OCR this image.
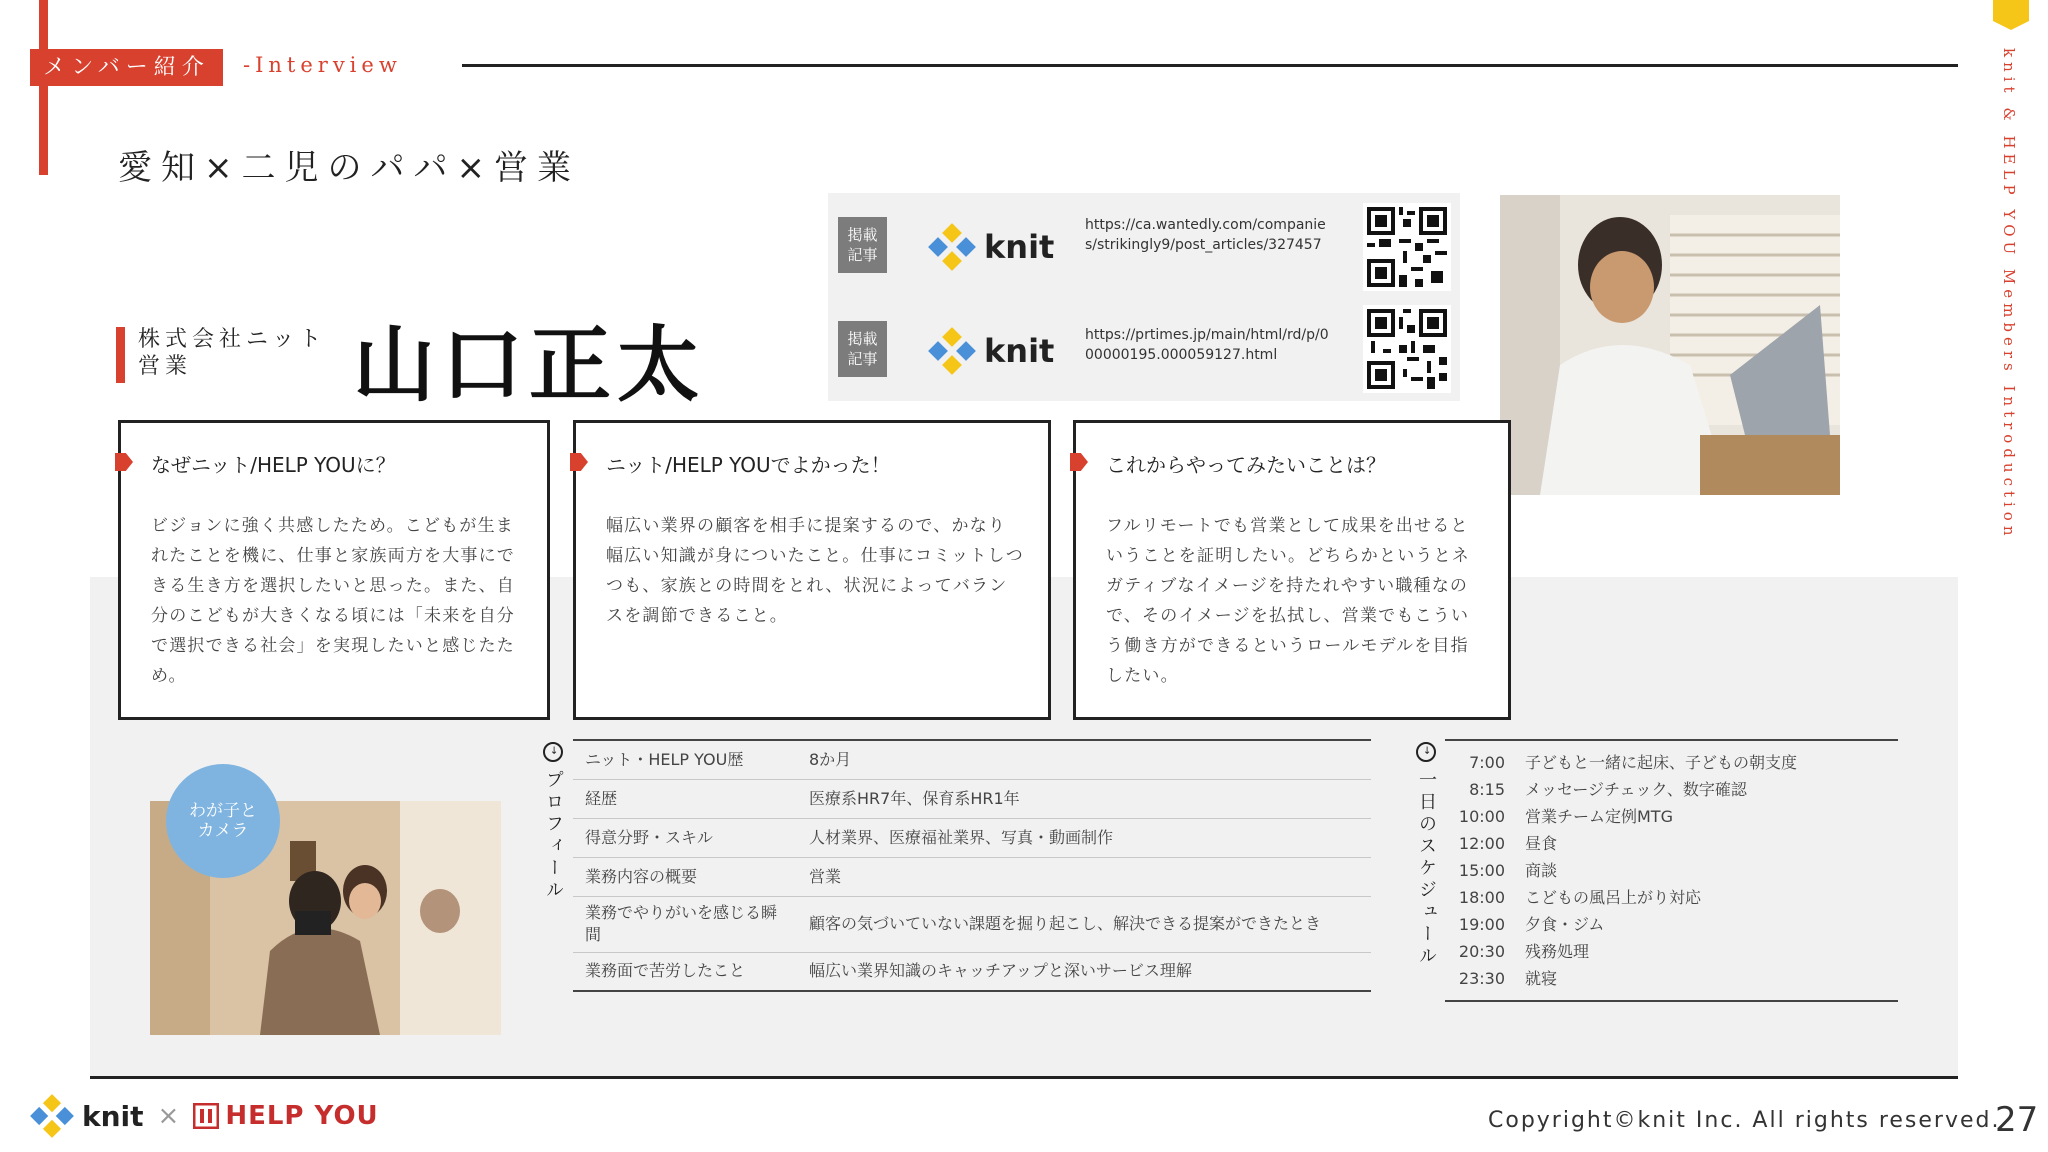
メンバー紹介	-Interview	knit & HELP YOU Members Introduction
愛知×二児のパパ×営業
株式会社ニット
営業	山口正太
掲載
記事	knit
https://ca.wantedly.com/companies/strikingly9/post_articles/327457
掲載
記事	knit https://prtimes.jp/main/html/rd/p/000000195.000059127.html
なぜニット/HELP YOUに？
ビジョンに強く共感したため。こどもが生まれたことを機に、仕事と家族両方を大事にできる生き方を選択したいと思った。また、自分のこどもが大きくなる頃には「未来を自分で選択できる社会」を実現したいと感じたため。
ニット/HELP YOUでよかった！
幅広い業界の顧客を相手に提案するので、かなり幅広い知識が身についたこと。仕事にコミットしつつも、家族との時間をとれ、状況によってバランスを調節できること。
これからやってみたいことは？
フルリモートでも営業として成果を出せるということを証明したい。どちらかというとネガティブなイメージを持たれやすい職種なので、そのイメージを払拭し、営業でもこういう働き方ができるというロールモデルを目指したい。
わが子と
カメラ
→プロフィール
ニット・HELP YOU歴	8か月
経歴	医療系HR7年、保育系HR1年
得意分野・スキル	人材業界、医療福祉業界、写真・動画制作
業務内容の概要	営業
業務でやりがいを感じる瞬間	顧客の気づいていない課題を掘り起こし、解決できる提案ができたとき
業務面で苦労したこと	幅広い業界知識のキャッチアップと深いサービス理解
→一日のスケジュール
7:00 子どもと一緒に起床、子どもの朝支度
8:15 メッセージチェック、数字確認
10:00 営業チーム定例MTG
12:00 昼食
15:00 商談
18:00 こどもの風呂上がり対応
19:00 夕食・ジム
20:30 残務処理
23:30 就寝
knit × HELP YOU	Copyright©knit Inc. All rights reserved.
27
